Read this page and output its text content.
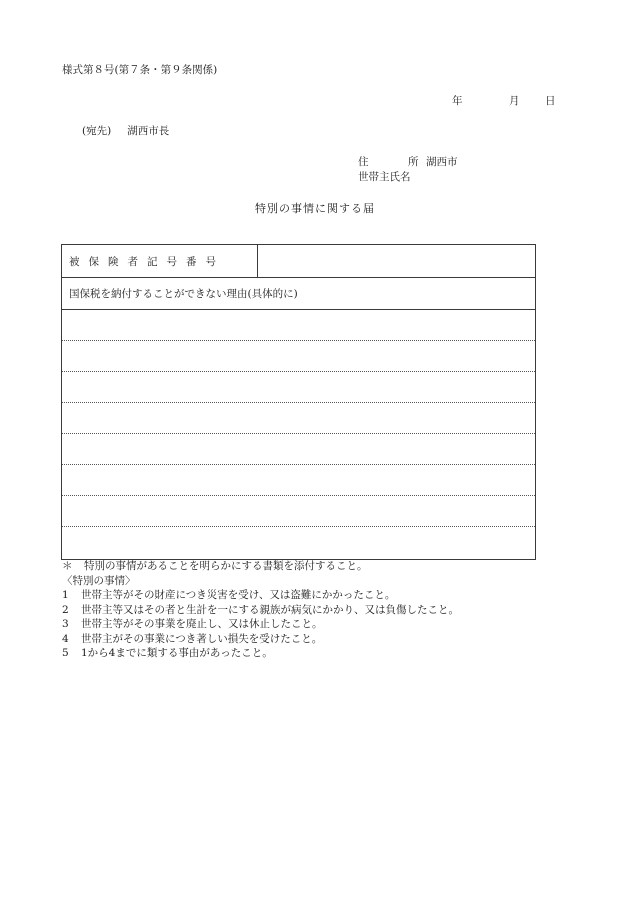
様式第８号(第７条・第９条関係)
年	月 日
(宛先) 湖西市長
住	所 湖西市
世帯主氏名
特別の事情に関する届
被保険者記号番号
国保税を納付することができない理由(具体的に)
＊ 特別の事情があることを明らかにする書類を添付すること。
〈特別の事情〉
1 世帯主等がその財産につき災害を受け、又は盗難にかかったこと。
2 世帯主等又はその者と生計を一にする親族が病気にかかり、又は負傷したこと。
3 世帯主等がその事業を廃止し、又は休止したこと。
4 世帯主がその事業につき著しい損失を受けたこと。
5 1から4までに類する事由があったこと。
